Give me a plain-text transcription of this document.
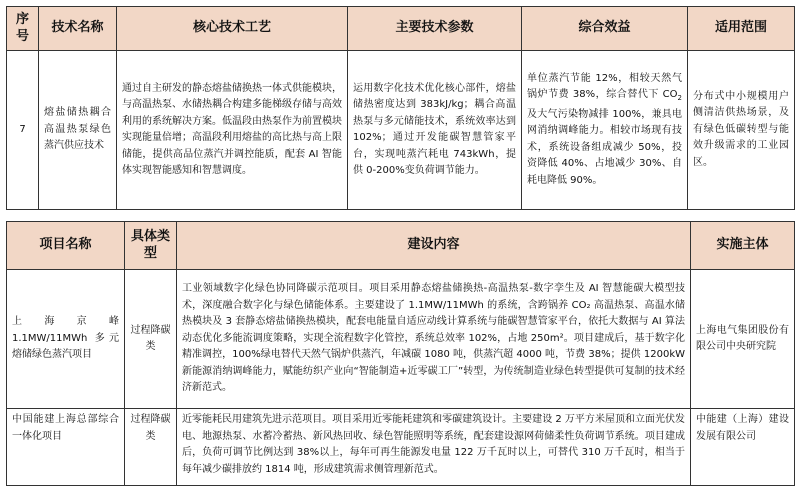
序号	技术名称	核心技术工艺	主要技术参数	综合效益	适用范围
7	熔盐储热耦合高温热泵绿色蒸汽供应技术	通过自主研发的静态熔盐储换热一体式供能模块，与高温热泵、水储热耦合构建多能梯级存储与高效利用的系统解决方案。低温段由热泵作为前置模块实现能量倍增；高温段利用熔盐的高比热与高上限储能，提供高品位蒸汽并调控能质，配套 AI 智能体实现智能感知和智慧调度。	运用数字化技术优化核心部件，熔盐储热密度达到 383kJ/kg；耦合高温热泵与多元储能技术，系统效率达到 102%；通过开发能碳智慧管家平台，实现吨蒸汽耗电 743kWh，提供 0-200%变负荷调节能力。	单位蒸汽节能 12%，相较天然气锅炉节费 38%，综合替代下 $CO_2$ 及大气污染物减排 100%，兼具电网消纳调峰能力。相较市场现有技术，系统设备组成减少 50%，投资降低 40%、占地减少 30%、自耗电降低 90%。	分布式中小规模用户侧清洁供热场景，及有绿色低碳转型与能效升级需求的工业园区。
项目名称	具体类型	建设内容	实施主体
上海京峰 1.1MW/11MWh 多元熔储绿色蒸汽项目	过程降碳类	工业领域数字化绿色协同降碳示范项目。项目采用静态熔盐储换热-高温热泵-数字孪生及 AI 智慧能碳大模型技术，深度融合数字化与绿色储能体系。主要建设了 1.1MW/11MWh 的系统，含跨锅养 CO₂ 高温热泵、高温水储热模块及 3 套静态熔盐储换热模块，配套电能量自适应动线计算系统与能碳智慧管家平台，依托大数据与 AI 算法动态优化多能流调度策略，实现全流程数字化管控，系统总效率 102%，占地 250m²。项目建成后，基于数字化精准调控，100%绿电替代天然气锅炉供蒸汽，年减碳 1080 吨，供蒸汽超 4000 吨，节费 38%；提供 1200kW 新能源消纳调峰能力，赋能纺织产业向“智能制造+近零碳工厂”转型，为传统制造业绿色转型提供可复制的技术经济新范式。	上海电气集团股份有限公司中央研究院
中国能建上海总部综合一体化项目	过程降碳类	近零能耗民用建筑先进示范项目。项目采用近零能耗建筑和零碳建筑设计。主要建设 2 万平方米屋顶和立面光伏发电、地源热泵、水蓄冷蓄热、新风热回收、绿色智能照明等系统，配套建设源网荷储柔性负荷调节系统。项目建成后，负荷可调节比例达到 38%以上，每年可再生能源发电量 122 万千瓦时以上，可替代 310 万千瓦时，相当于每年减少碳排放约 1814 吨，形成建筑需求侧管理新范式。	中能建（上海）建设发展有限公司
